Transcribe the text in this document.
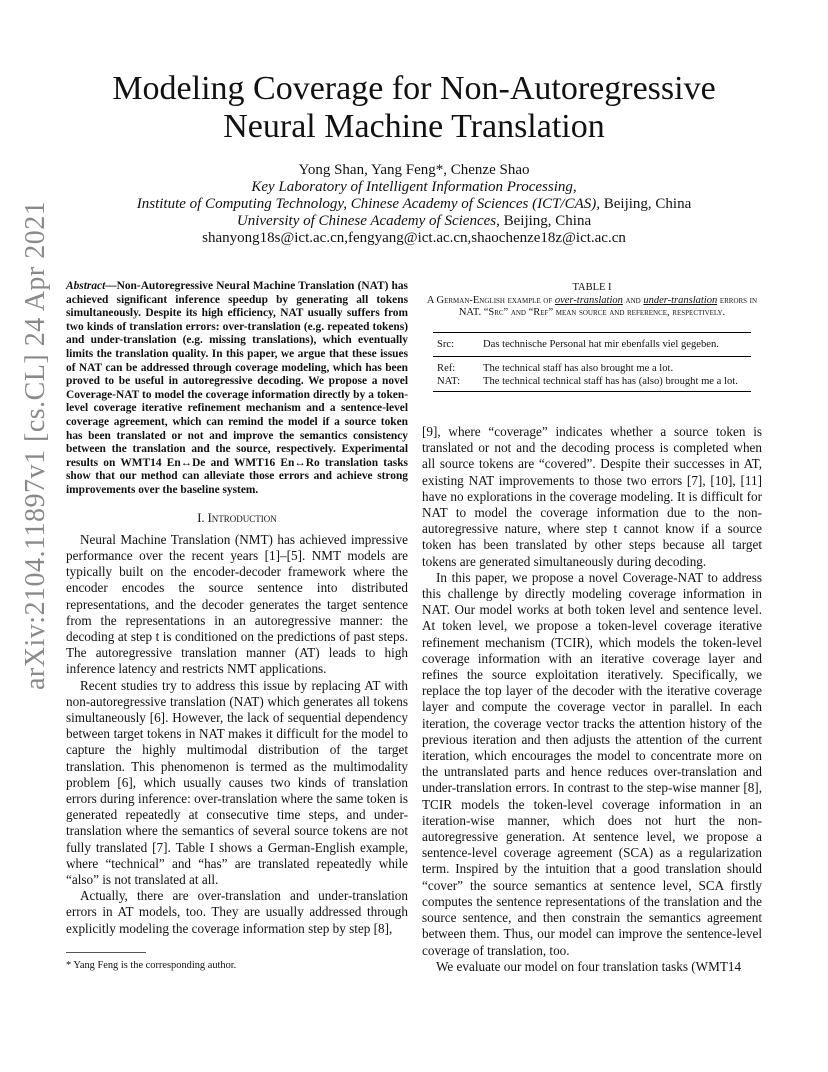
arXiv:2104.11897v1 [cs.CL] 24 Apr 2021
Modeling Coverage for Non-Autoregressive
Neural Machine Translation
Yong Shan, Yang Feng*, Chenze Shao
Key Laboratory of Intelligent Information Processing,
Institute of Computing Technology, Chinese Academy of Sciences (ICT/CAS), Beijing, China
University of Chinese Academy of Sciences, Beijing, China
shanyong18s@ict.ac.cn,fengyang@ict.ac.cn,shaochenze18z@ict.ac.cn
Abstract—Non-Autoregressive Neural Machine Translation (NAT) has achieved significant inference speedup by generating all tokens simultaneously. Despite its high efficiency, NAT usually suffers from two kinds of translation errors: over-translation (e.g. repeated tokens) and under-translation (e.g. missing translations), which eventually limits the translation quality. In this paper, we argue that these issues of NAT can be addressed through coverage modeling, which has been proved to be useful in autoregressive decoding. We propose a novel Coverage-NAT to model the coverage information directly by a token-level coverage iterative refinement mechanism and a sentence-level coverage agreement, which can remind the model if a source token has been translated or not and improve the semantics consistency between the translation and the source, respectively. Experimental results on WMT14 En↔De and WMT16 En↔Ro translation tasks show that our method can alleviate those errors and achieve strong improvements over the baseline system.
I. Introduction

Neural Machine Translation (NMT) has achieved impressive performance over the recent years [1]–[5]. NMT models are typically built on the encoder-decoder framework where the encoder encodes the source sentence into distributed representations, and the decoder generates the target sentence from the representations in an autoregressive manner: the decoding at step t is conditioned on the predictions of past steps. The autoregressive translation manner (AT) leads to high inference latency and restricts NMT applications.

Recent studies try to address this issue by replacing AT with non-autoregressive translation (NAT) which generates all tokens simultaneously [6]. However, the lack of sequential dependency between target tokens in NAT makes it difficult for the model to capture the highly multimodal distribution of the target translation. This phenomenon is termed as the multimodality problem [6], which usually causes two kinds of translation errors during inference: over-translation where the same token is generated repeatedly at consecutive time steps, and under-translation where the semantics of several source tokens are not fully translated [7]. Table I shows a German-English example, where “technical” and “has” are translated repeatedly while “also” is not translated at all.

Actually, there are over-translation and under-translation errors in AT models, too. They are usually addressed through explicitly modeling the coverage information step by step [8],

* Yang Feng is the corresponding author.
TABLE I
A German-English example of over-translation and under-translation errors in NAT. “Src” and “Ref” mean source and reference, respectively.
Src:	Das technische Personal hat mir ebenfalls viel gegeben.
Ref:	The technical staff has also brought me a lot.
NAT:	The technical technical staff has has (also) brought me a lot.

[9], where “coverage” indicates whether a source token is translated or not and the decoding process is completed when all source tokens are “covered”. Despite their successes in AT, existing NAT improvements to those two errors [7], [10], [11] have no explorations in the coverage modeling. It is difficult for NAT to model the coverage information due to the non-autoregressive nature, where step t cannot know if a source token has been translated by other steps because all target tokens are generated simultaneously during decoding.

In this paper, we propose a novel Coverage-NAT to address this challenge by directly modeling coverage information in NAT. Our model works at both token level and sentence level. At token level, we propose a token-level coverage iterative refinement mechanism (TCIR), which models the token-level coverage information with an iterative coverage layer and refines the source exploitation iteratively. Specifically, we replace the top layer of the decoder with the iterative coverage layer and compute the coverage vector in parallel. In each iteration, the coverage vector tracks the attention history of the previous iteration and then adjusts the attention of the current iteration, which encourages the model to concentrate more on the untranslated parts and hence reduces over-translation and under-translation errors. In contrast to the step-wise manner [8], TCIR models the token-level coverage information in an iteration-wise manner, which does not hurt the non-autoregressive generation. At sentence level, we propose a sentence-level coverage agreement (SCA) as a regularization term. Inspired by the intuition that a good translation should “cover” the source semantics at sentence level, SCA firstly computes the sentence representations of the translation and the source sentence, and then constrain the semantics agreement between them. Thus, our model can improve the sentence-level coverage of translation, too.

We evaluate our model on four translation tasks (WMT14
